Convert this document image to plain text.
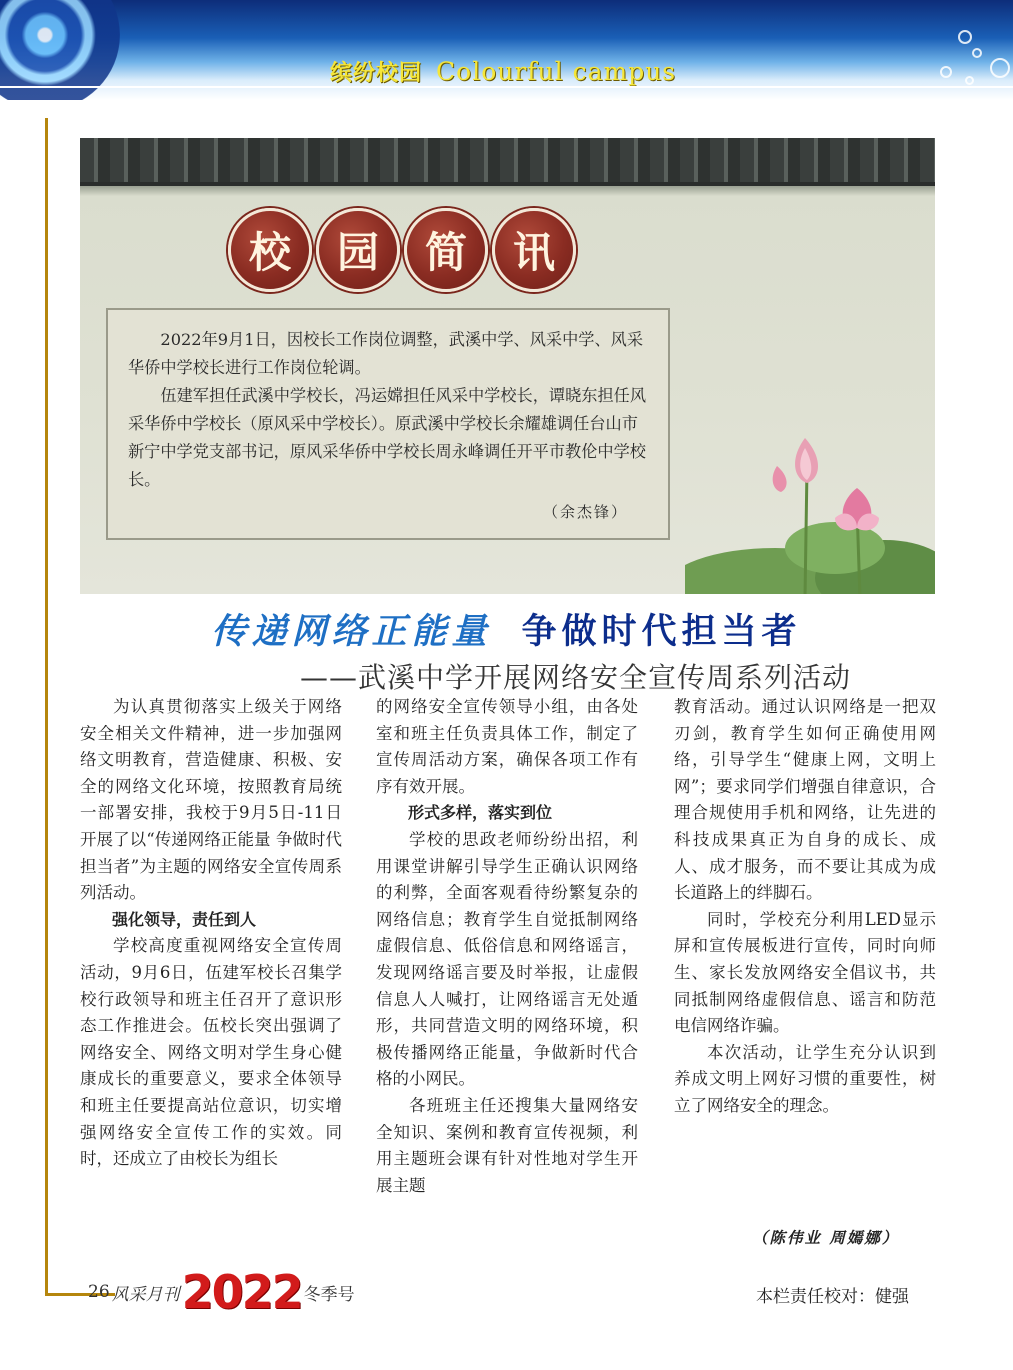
缤纷校园 Colourful campus
校	园	简	讯

2022年9月1日，因校长工作岗位调整，武溪中学、风采中学、风采华侨中学校长进行工作岗位轮调。

伍建军担任武溪中学校长，冯运嫦担任风采中学校长，谭晓东担任风采华侨中学校长（原风采中学校长）。原武溪中学校长余耀雄调任台山市新宁中学党支部书记，原风采华侨中学校长周永峰调任开平市教伦中学校长。

（余杰锋）
传递网络正能量 争做时代担当者
——武溪中学开展网络安全宣传周系列活动

为认真贯彻落实上级关于网络安全相关文件精神，进一步加强网络文明教育，营造健康、积极、安全的网络文化环境，按照教育局统一部署安排，我校于9月5日-11日开展了以“传递网络正能量 争做时代担当者”为主题的网络安全宣传周系列活动。

强化领导，责任到人

学校高度重视网络安全宣传周活动，9月6日，伍建军校长召集学校行政领导和班主任召开了意识形态工作推进会。伍校长突出强调了网络安全、网络文明对学生身心健康成长的重要意义，要求全体领导和班主任要提高站位意识，切实增强网络安全宣传工作的实效。同时，还成立了由校长为组长

的网络安全宣传领导小组，由各处室和班主任负责具体工作，制定了宣传周活动方案，确保各项工作有序有效开展。

形式多样，落实到位

学校的思政老师纷纷出招，利用课堂讲解引导学生正确认识网络的利弊，全面客观看待纷繁复杂的网络信息；教育学生自觉抵制网络虚假信息、低俗信息和网络谣言，发现网络谣言要及时举报，让虚假信息人人喊打，让网络谣言无处遁形，共同营造文明的网络环境，积极传播网络正能量，争做新时代合格的小网民。

各班班主任还搜集大量网络安全知识、案例和教育宣传视频，利用主题班会课有针对性地对学生开展主题

教育活动。通过认识网络是一把双刃剑，教育学生如何正确使用网络，引导学生“健康上网，文明上网”；要求同学们增强自律意识，合理合规使用手机和网络，让先进的科技成果真正为自身的成长、成人、成才服务，而不要让其成为成长道路上的绊脚石。

同时，学校充分利用LED显示屏和宣传展板进行宣传，同时向师生、家长发放网络安全倡议书，共同抵制网络虚假信息、谣言和防范电信网络诈骗。

本次活动，让学生充分认识到养成文明上网好习惯的重要性，树立了网络安全的理念。

（陈伟业 周嫣娜）
26 风采月刊 2022 冬季号	本栏责任校对：健强
